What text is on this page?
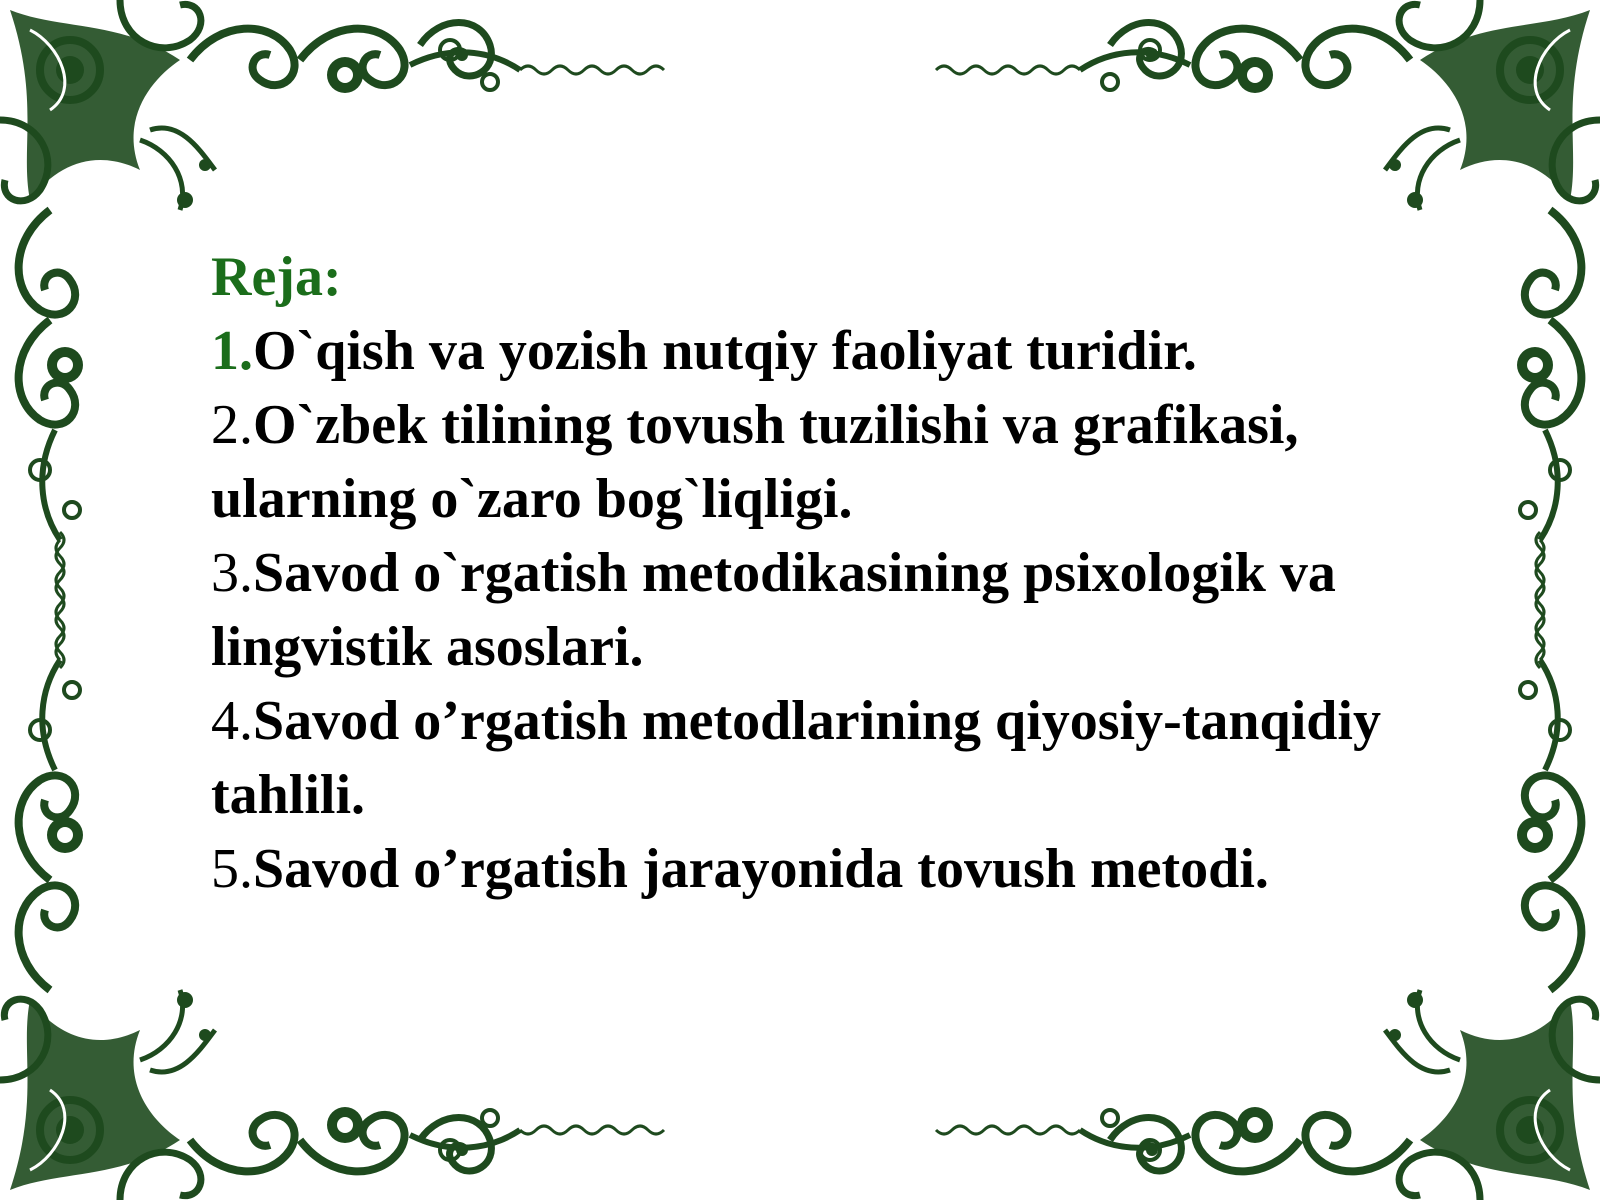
Reja:
1.O`qish va yozish nutqiy faoliyat turidir.
2.O`zbek tilining tovush tuzilishi va grafikasi, ularning o`zaro bog`liqligi.
3.Savod o`rgatish metodikasining psixologik va lingvistik asoslari.
4.Savod o’rgatish metodlarining qiyosiy-tanqidiy tahlili.
5.Savod o’rgatish jarayonida tovush metodi.
